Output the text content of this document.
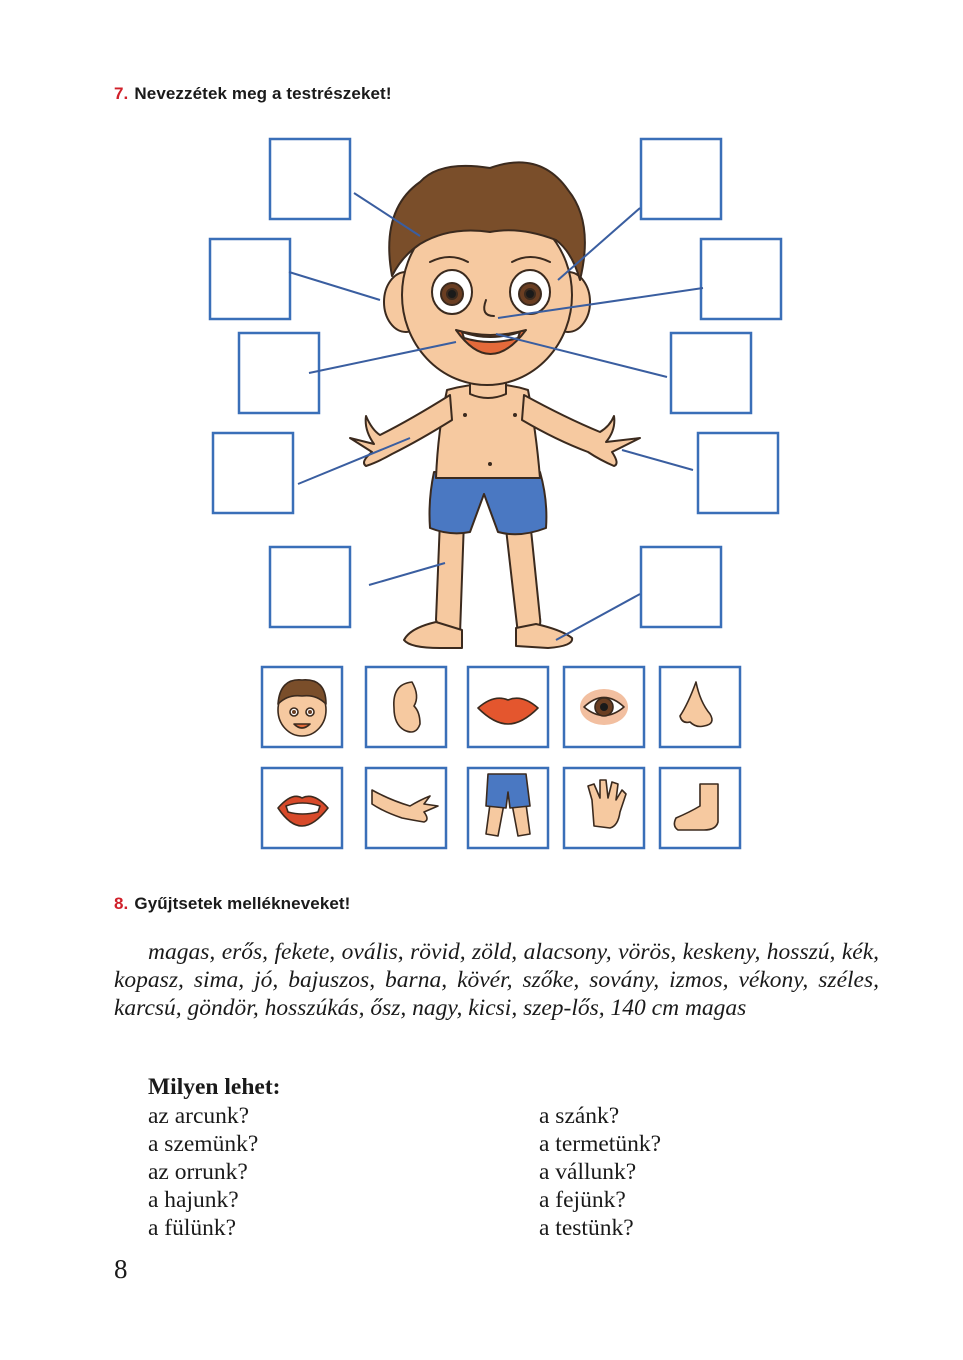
7. Nevezzétek meg a testrészeket!
8. Gyűjtsetek mellékneveket!
magas, erős, fekete, ovális, rövid, zöld, alacsony, vörös, keskeny, hosszú, kék, kopasz, sima, jó, bajuszos, barna, kövér, szőke, sovány, izmos, vékony, széles, karcsú, göndör, hosszúkás, ősz, nagy, kicsi, szep-lős, 140 cm magas
Milyen lehet:
az arcunk?
a szemünk?
az orrunk?
a hajunk?
a fülünk?
a szánk?
a termetünk?
a vállunk?
a fejünk?
a testünk?
8
